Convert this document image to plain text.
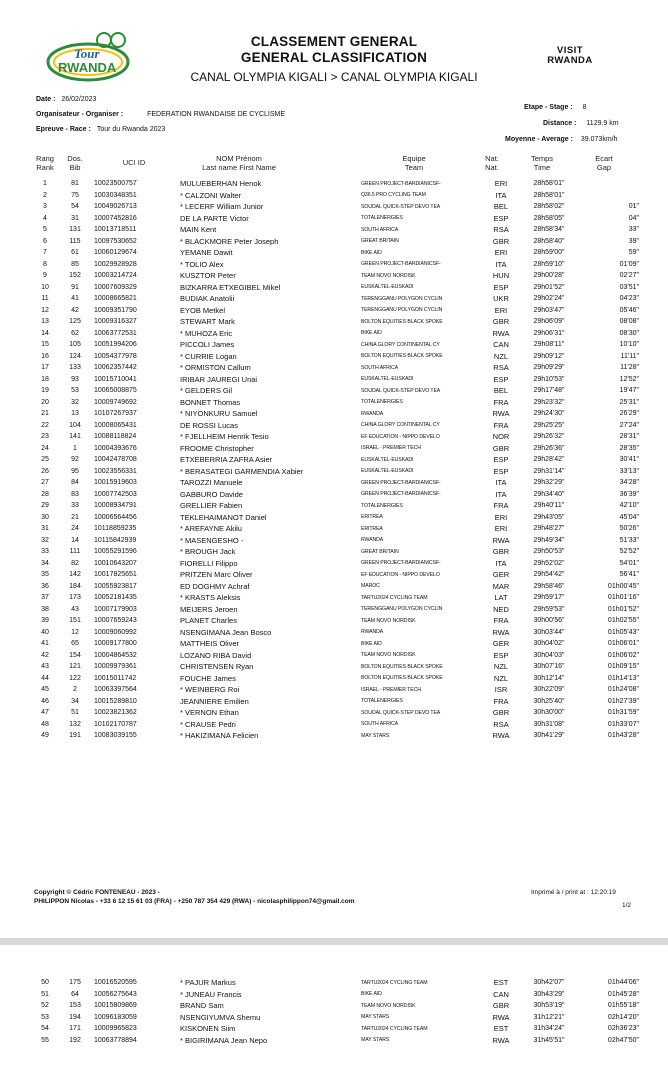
Tour
RWANDA
CLASSEMENT GENERAL
GENERAL CLASSIFICATION
CANAL OLYMPIA KIGALI > CANAL OLYMPIA KIGALI
VISIT
RWANDA
Date : 26/02/2023
Organisateur - Organiser :	FEDERATION RWANDAISE DE CYCLISME
Epreuve - Race : Tour du Rwanda 2023
Etape - Stage : 8
Distance : 1129.9 km
Moyenne - Average : 39.073km/h
Rang
Rank
Dos.
Bib
UCI ID	NOM Prénom
Last name First Name
Equipe
Team
Nat.
Nat.
Temps
Time
Ecart
Gap
1	81	10023500757	MULUEBERHAN Henok	GREEN PROJECT-BARDIANICSF-	ERI	28h58'01"	
2	75	10030348351	* CALZONI Walter	Q36.5 PRO CYCLING TEAM	ITA	28h58'01"	
3	54	10049026713	* LECERF William Junior	SOUDAL QUICK-STEP DEVO TEA	BEL	28h58'02"	01"
4	31	10007452816	DE LA PARTE Victor	TOTALENERGIES	ESP	28h58'05"	04"
5	131	10013718511	MAIN Kent	SOUTH AFRICA	RSA	28h58'34"	33"
6	115	10097530652	* BLACKMORE Peter Joseph	GREAT BRITAIN	GBR	28h58'40"	39"
7	61	10060129674	YEMANE Dawit	BIKE AID	ERI	28h59'00"	59"
8	85	10029928928	* TOLIO Alex	GREEN PROJECT-BARDIANICSF-	ITA	28h59'10"	01'09"
9	152	10003214724	KUSZTOR Peter	TEAM NOVO NORDISK	HUN	29h00'28"	02'27"
10	91	10007609329	BIZKARRA ETXEGIBEL Mikel	EUSKALTEL-EUSKADI	ESP	29h01'52"	03'51"
11	41	10008665821	BUDIAK Anatolii	TERENGGANU POLYGON CYCLIN	UKR	29h02'24"	04'23"
12	42	10009351790	EYOB Metkel	TERENGGANU POLYGON CYCLIN	ERI	29h03'47"	05'46"
13	125	10009316327	STEWART Mark	BOLTON EQUITIES BLACK SPOKE	GBR	29h06'09"	08'08"
14	62	10063772531	* MUHOZA Eric	BIKE AID	RWA	29h06'31"	08'30"
15	105	10051994206	PICCOLI James	CHINA GLORY CONTINENTAL CY	CAN	29h08'11"	10'10"
16	124	10054377978	* CURRIE Logan	BOLTON EQUITIES BLACK SPOKE	NZL	29h09'12"	11'11"
17	133	10062357442	* ORMISTON Callum	SOUTH AFRICA	RSA	29h09'29"	11'28"
18	93	10015710041	IRIBAR JAUREGI Unai	EUSKALTEL-EUSKADI	ESP	29h10'53"	12'52"
19	53	10065008875	* GELDERS Gil	SOUDAL QUICK-STEP DEVO TEA	BEL	29h17'48"	19'47"
20	32	10009749692	BONNET Thomas	TOTALENERGIES	FRA	29h23'32"	25'31"
21	13	10107267937	* NIYONKURU Samuel	RWANDA	RWA	29h24'30"	26'29"
22	104	10008065431	DE ROSSI Lucas	CHINA GLORY CONTINENTAL CY	FRA	29h25'25"	27'24"
23	141	10088118824	* FJELLHEIM Henrik Tesio	EF EDUCATION - NIPPO DEVELO	NOR	29h26'32"	28'31"
24	1	10004393676	FROOME Christopher	ISRAEL - PREMIER TECH	GBR	29h26'36"	28'35"
25	92	10042478708	ETXEBERRIA ZAFRA Asier	EUSKALTEL-EUSKADI	ESP	29h28'42"	30'41"
26	95	10023556331	* BERASATEGI GARMENDIA Xabier	EUSKALTEL-EUSKADI	ESP	29h31'14"	33'13"
27	84	10015919603	TAROZZI Manuele	GREEN PROJECT-BARDIANICSF-	ITA	29h32'29"	34'28"
28	83	10007742503	GABBURO Davide	GREEN PROJECT-BARDIANICSF-	ITA	29h34'40"	36'39"
29	33	10008934791	GRELLIER Fabien	TOTALENERGIES	FRA	29h40'11"	42'10"
30	21	10006564456	TEKLEHAIMANOT Daniel	ERITREA	ERI	29h43'05"	45'04"
31	24	10118859235	* AREFAYNE Akilu	ERITREA	ERI	29h48'27"	50'26"
32	14	10115842939	* MASENGESHO -	RWANDA	RWA	29h49'34"	51'33"
33	111	10055291596	* BROUGH Jack	GREAT BRITAIN	GBR	29h50'53"	52'52"
34	82	10010643207	FIORELLI Filippo	GREEN PROJECT-BARDIANICSF-	ITA	29h52'02"	54'01"
35	142	10017825651	PRITZEN Marc Oliver	EF EDUCATION - NIPPO DEVELO	GER	29h54'42"	56'41"
36	184	10055923817	ED DOGHMY Achraf	MAROC	MAR	29h58'46"	01h00'45"
37	173	10052181435	* KRASTS Aleksis	TARTU2024 CYCLING TEAM	LAT	29h59'17"	01h01'16"
38	43	10007179903	MEIJERS Jeroen	TERENGGANU POLYGON CYCLIN	NED	29h59'53"	01h01'52"
39	151	10007659243	PLANET Charles	TEAM NOVO NORDISK	FRA	30h00'56"	01h02'55"
40	12	10009060992	NSENGIMANA Jean Bosco	RWANDA	RWA	30h03'44"	01h05'43"
41	65	10009177800	MATTHEIS Oliver	BIKE AID	GER	30h04'02"	01h06'01"
42	154	10004864532	LOZANO RIBA David	TEAM NOVO NORDISK	ESP	30h04'03"	01h06'02"
43	121	10009979361	CHRISTENSEN Ryan	BOLTON EQUITIES BLACK SPOKE	NZL	30h07'16"	01h09'15"
44	122	10015011742	FOUCHE James	BOLTON EQUITIES BLACK SPOKE	NZL	30h12'14"	01h14'13"
45	2	10063397564	* WEINBERG Roi	ISRAEL - PREMIER TECH	ISR	30h22'09"	01h24'08"
46	34	10015289810	JEANNIERE Emilien	TOTALENERGIES	FRA	30h25'40"	01h27'39"
47	51	10023821362	* VERNON Ethan	SOUDAL QUICK-STEP DEVO TEA	GBR	30h30'00"	01h31'59"
48	132	10102170787	* CRAUSE Pedri	SOUTH AFRICA	RSA	30h31'08"	01h33'07"
49	191	10083039155	* HAKIZIMANA Felicien	MAY STARS	RWA	30h41'29"	01h43'28"
Copyright © Cédric FONTENEAU - 2023 -
PHILIPPON Nicolas - +33 6 12 15 61 03 (FRA) - +250 787 354 429 (RWA) - nicolasphilippon74@gmail.com
Imprimé à / print at : 12:20:19
1/2
50	175	10016520595	* PAJUR Markus	TARTU2024 CYCLING TEAM	EST	30h42'07"	01h44'06"
51	64	10056275643	* JUNEAU Francis	BIKE AID	CAN	30h43'29"	01h45'28"
52	153	10015809869	BRAND Sam	TEAM NOVO NORDISK	GBR	30h53'19"	01h55'18"
53	194	10096183059	NSENGIYUMVA Shemu	MAY STARS	RWA	31h12'21"	02h14'20"
54	171	10009965823	KISKONEN Siim	TARTU2024 CYCLING TEAM	EST	31h34'24"	02h36'23"
55	192	10063778894	* BIGIRIMANA Jean Nepo	MAY STARS	RWA	31h45'51"	02h47'50"
